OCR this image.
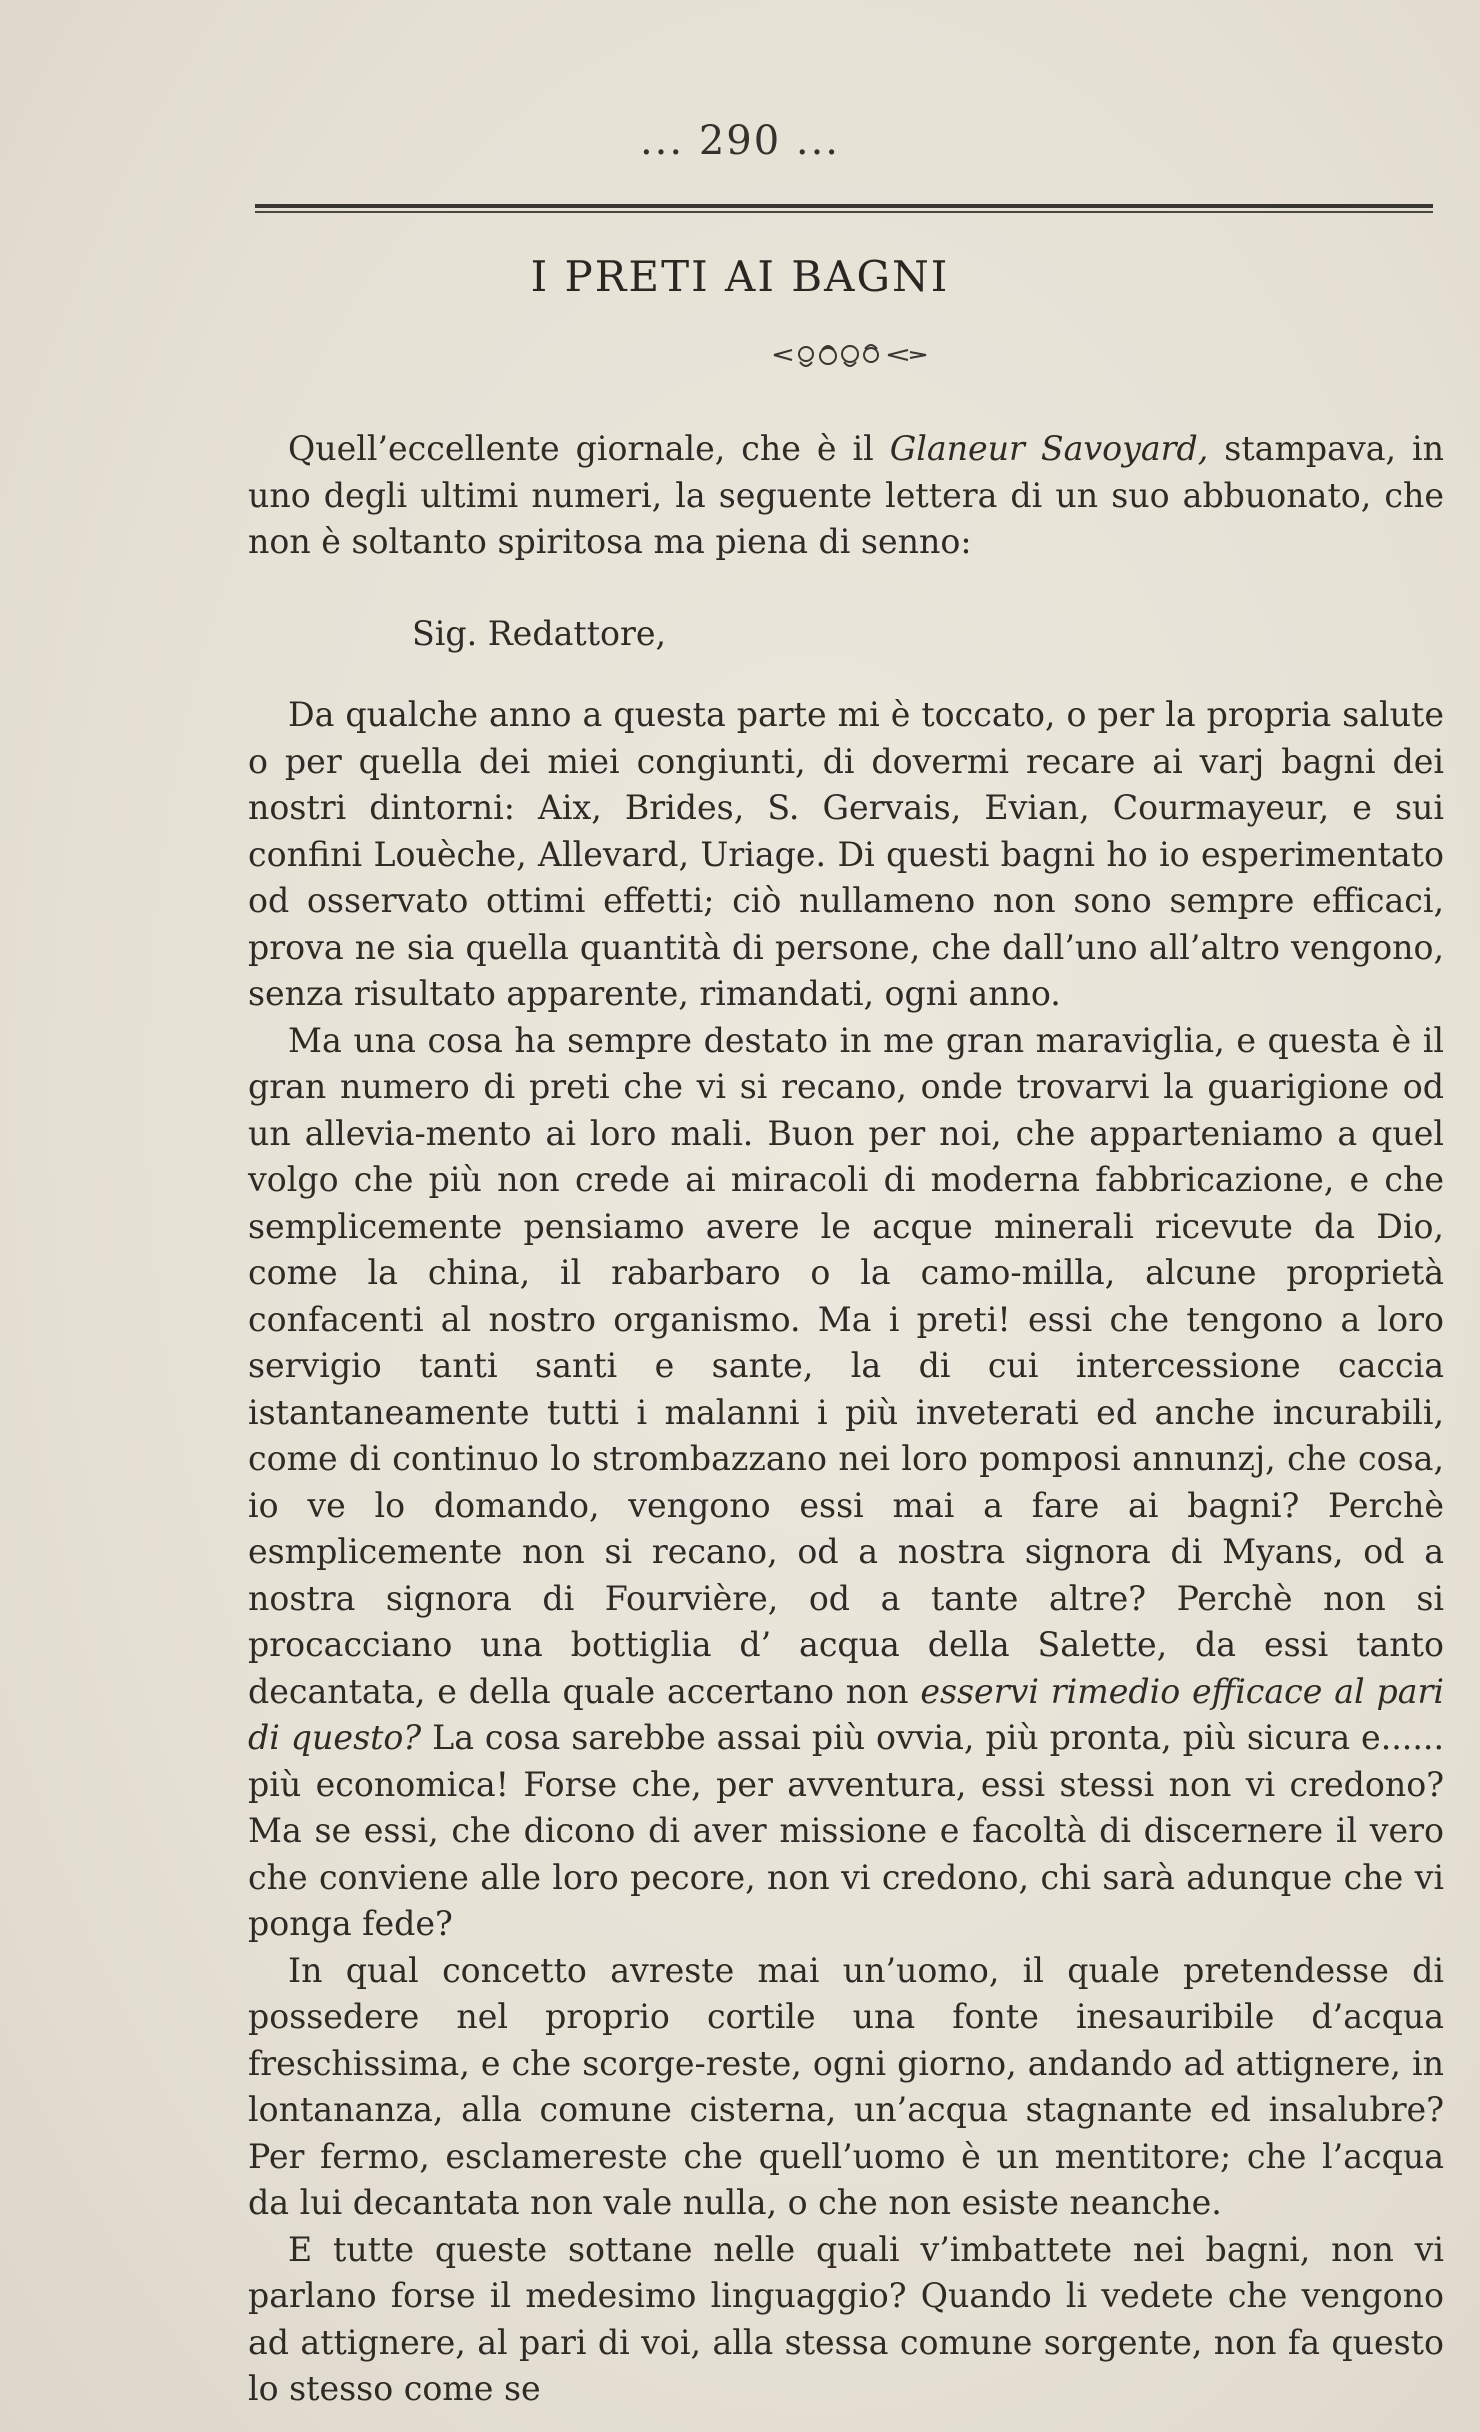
... 290 ...
I PRETI AI BAGNI

Quell’eccellente giornale, che è il Glaneur Savoyard, stampava, in uno degli ultimi numeri, la seguente lettera di un suo abbuonato, che non è soltanto spiritosa ma piena di senno:

Sig. Redattore,

Da qualche anno a questa parte mi è toccato, o per la propria salute o per quella dei miei congiunti, di dovermi recare ai varj bagni dei nostri dintorni: Aix, Brides, S. Gervais, Evian, Courmayeur, e sui confini Louèche, Allevard, Uriage. Di questi bagni ho io esperimentato od osservato ottimi effetti; ciò nullameno non sono sempre efficaci, prova ne sia quella quantità di persone, che dall’uno all’altro vengono, senza risultato apparente, rimandati, ogni anno.

Ma una cosa ha sempre destato in me gran maraviglia, e questa è il gran numero di preti che vi si recano, onde trovarvi la guarigione od un allevia-mento ai loro mali. Buon per noi, che apparteniamo a quel volgo che più non crede ai miracoli di moderna fabbricazione, e che semplicemente pensiamo avere le acque minerali ricevute da Dio, come la china, il rabarbaro o la camo-milla, alcune proprietà confacenti al nostro organismo. Ma i preti! essi che tengono a loro servigio tanti santi e sante, la di cui intercessione caccia istantaneamente tutti i malanni i più inveterati ed anche incurabili, come di continuo lo strombazzano nei loro pomposi annunzj, che cosa, io ve lo domando, vengono essi mai a fare ai bagni? Perchè esmplicemente non si recano, od a nostra signora di Myans, od a nostra signora di Fourvière, od a tante altre? Perchè non si procacciano una bottiglia d’ acqua della Salette, da essi tanto decantata, e della quale accertano non esservi rimedio efficace al pari di questo? La cosa sarebbe assai più ovvia, più pronta, più sicura e...... più economica! Forse che, per avventura, essi stessi non vi credono? Ma se essi, che dicono di aver missione e facoltà di discernere il vero che conviene alle loro pecore, non vi credono, chi sarà adunque che vi ponga fede?

In qual concetto avreste mai un’uomo, il quale pretendesse di possedere nel proprio cortile una fonte inesauribile d’acqua freschissima, e che scorge-reste, ogni giorno, andando ad attignere, in lontananza, alla comune cisterna, un’acqua stagnante ed insalubre? Per fermo, esclamereste che quell’uomo è un mentitore; che l’acqua da lui decantata non vale nulla, o che non esiste neanche.

E tutte queste sottane nelle quali v’imbattete nei bagni, non vi parlano forse il medesimo linguaggio? Quando li vedete che vengono ad attignere, al pari di voi, alla stessa comune sorgente, non fa questo lo stesso come se
